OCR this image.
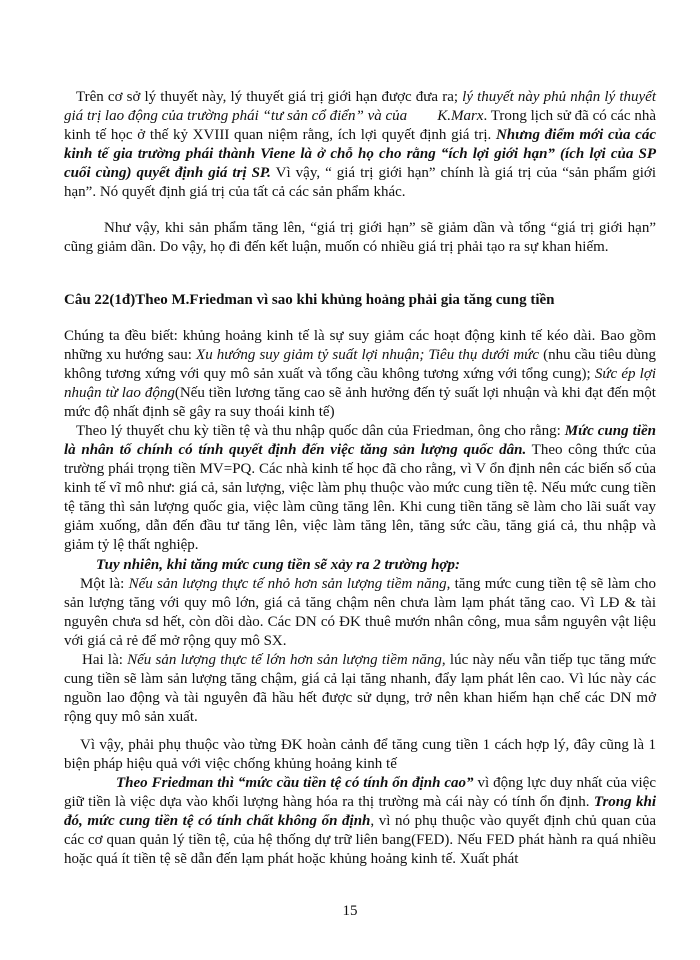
Trên cơ sở lý thuyết này, lý thuyết giá trị giới hạn được đưa ra; lý thuyết này phủ nhận lý thuyết giá trị lao động của trường phái “tư sản cổ điển” và của K.Marx. Trong lịch sử đã có các nhà kinh tế học ở thế kỷ XVIII quan niệm rằng, ích lợi quyết định giá trị. Nhưng điểm mới của các kinh tế gia trường phái thành Viene là ở chỗ họ cho rằng “ích lợi giới hạn” (ích lợi của SP cuối cùng) quyết định giá trị SP. Vì vậy, “ giá trị giới hạn” chính là giá trị của “sản phẩm giới hạn”. Nó quyết định giá trị của tất cả các sản phẩm khác.

Như vậy, khi sản phẩm tăng lên, “giá trị giới hạn” sẽ giảm dần và tổng “giá trị giới hạn” cũng giảm dần. Do vậy, họ đi đến kết luận, muốn có nhiều giá trị phải tạo ra sự khan hiếm.

Câu 22(1đ)Theo M.Friedman vì sao khi khủng hoảng phải gia tăng cung tiền

Chúng ta đều biết: khủng hoảng kinh tế là sự suy giảm các hoạt động kinh tế kéo dài. Bao gồm những xu hướng sau: Xu hướng suy giảm tỷ suất lợi nhuận; Tiêu thụ dưới mức (nhu cầu tiêu dùng không tương xứng với quy mô sản xuất và tổng cầu không tương xứng với tổng cung); Sức ép lợi nhuận từ lao động(Nếu tiền lương tăng cao sẽ ảnh hưởng đến tỷ suất lợi nhuận và khi đạt đến một mức độ nhất định sẽ gây ra suy thoái kinh tế)

Theo lý thuyết chu kỳ tiền tệ và thu nhập quốc dân của Friedman, ông cho rằng: Mức cung tiền là nhân tố chính có tính quyết định đến việc tăng sản lượng quốc dân. Theo công thức của trường phái trọng tiền MV=PQ. Các nhà kinh tế học đã cho rằng, vì V ổn định nên các biến số của kinh tế vĩ mô như: giá cả, sản lượng, việc làm phụ thuộc vào mức cung tiền tệ. Nếu mức cung tiền tệ tăng thì sản lượng quốc gia, việc làm cũng tăng lên. Khi cung tiền tăng sẽ làm cho lãi suất vay giảm xuống, dẫn đến đầu tư tăng lên, việc làm tăng lên, tăng sức cầu, tăng giá cả, thu nhập và giảm tỷ lệ thất nghiệp.

Tuy nhiên, khi tăng mức cung tiền sẽ xảy ra 2 trường hợp:

Một là: Nếu sản lượng thực tế nhỏ hơn sản lượng tiềm năng, tăng mức cung tiền tệ sẽ làm cho sản lượng tăng với quy mô lớn, giá cả tăng chậm nên chưa làm lạm phát tăng cao. Vì LĐ & tài nguyên chưa sd hết, còn dồi dào. Các DN có ĐK thuê mướn nhân công, mua sắm nguyên vật liệu với giá cả rẻ để mở rộng quy mô SX.

Hai là: Nếu sản lượng thực tế lớn hơn sản lượng tiềm năng, lúc này nếu vẫn tiếp tục tăng mức cung tiền sẽ làm sản lượng tăng chậm, giá cả lại tăng nhanh, đẩy lạm phát lên cao. Vì lúc này các nguồn lao động và tài nguyên đã hầu hết được sử dụng, trở nên khan hiếm hạn chế các DN mở rộng quy mô sản xuất.

Vì vậy, phải phụ thuộc vào từng ĐK hoàn cảnh để tăng cung tiền 1 cách hợp lý, đây cũng là 1 biện pháp hiệu quả với việc chống khủng hoảng kinh tế

Theo Friedman thì “mức cầu tiền tệ có tính ổn định cao” vì động lực duy nhất của việc giữ tiền là việc dựa vào khối lượng hàng hóa ra thị trường mà cái này có tính ổn định. Trong khi đó, mức cung tiền tệ có tính chất không ổn định, vì nó phụ thuộc vào quyết định chủ quan của các cơ quan quản lý tiền tệ, của hệ thống dự trữ liên bang(FED). Nếu FED phát hành ra quá nhiều hoặc quá ít tiền tệ sẽ dẫn đến lạm phát hoặc khủng hoảng kinh tế. Xuất phát

15
